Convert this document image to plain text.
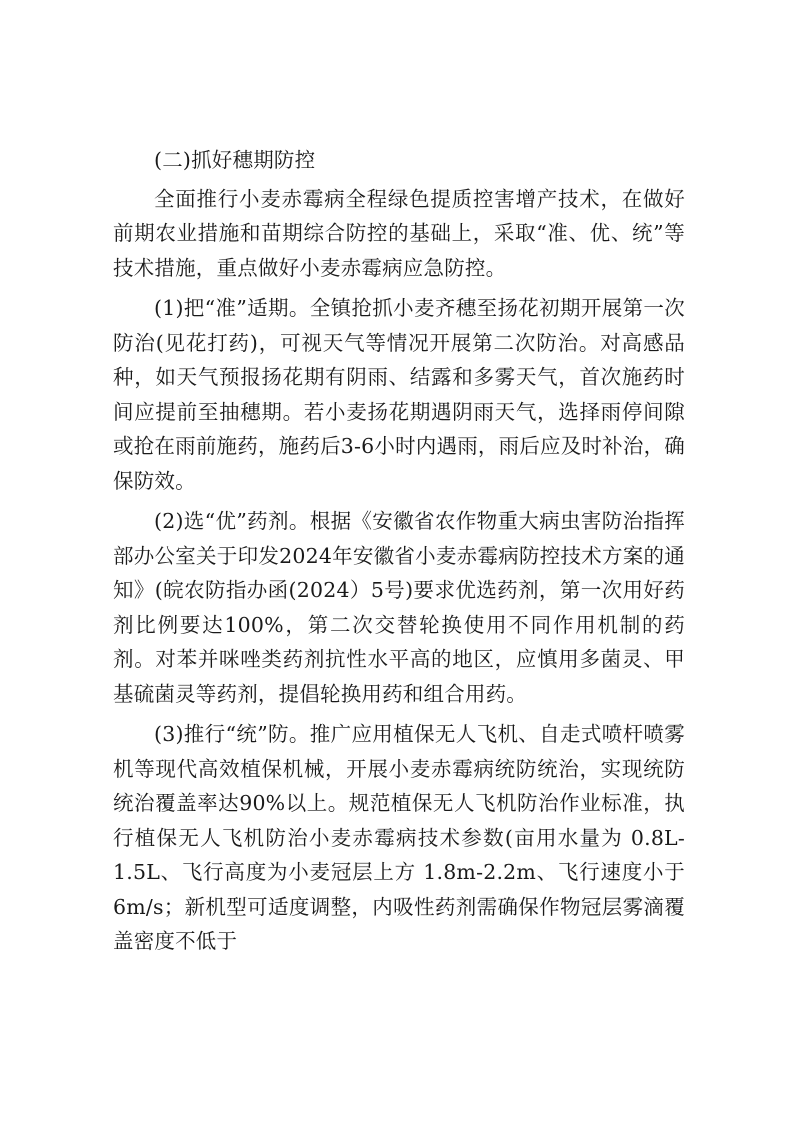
(二)抓好穗期防控

全面推行小麦赤霉病全程绿色提质控害增产技术，在做好前期农业措施和苗期综合防控的基础上，采取“准、优、统”等技术措施，重点做好小麦赤霉病应急防控。

(1)把“准”适期。全镇抢抓小麦齐穗至扬花初期开展第一次防治(见花打药)，可视天气等情况开展第二次防治。对高感品种，如天气预报扬花期有阴雨、结露和多雾天气，首次施药时间应提前至抽穗期。若小麦扬花期遇阴雨天气，选择雨停间隙或抢在雨前施药，施药后3-6小时内遇雨，雨后应及时补治，确保防效。

(2)选“优”药剂。根据《安徽省农作物重大病虫害防治指挥部办公室关于印发2024年安徽省小麦赤霉病防控技术方案的通知》(皖农防指办函(2024）5号)要求优选药剂，第一次用好药剂比例要达100%，第二次交替轮换使用不同作用机制的药剂。对苯并咪唑类药剂抗性水平高的地区，应慎用多菌灵、甲基硫菌灵等药剂，提倡轮换用药和组合用药。

(3)推行“统”防。推广应用植保无人飞机、自走式喷杆喷雾机等现代高效植保机械，开展小麦赤霉病统防统治，实现统防统治覆盖率达90%以上。规范植保无人飞机防治作业标准，执行植保无人飞机防治小麦赤霉病技术参数(亩用水量为 0.8L-1.5L、飞行高度为小麦冠层上方 1.8m-2.2m、飞行速度小于 6m/s；新机型可适度调整，内吸性药剂需确保作物冠层雾滴覆盖密度不低于
